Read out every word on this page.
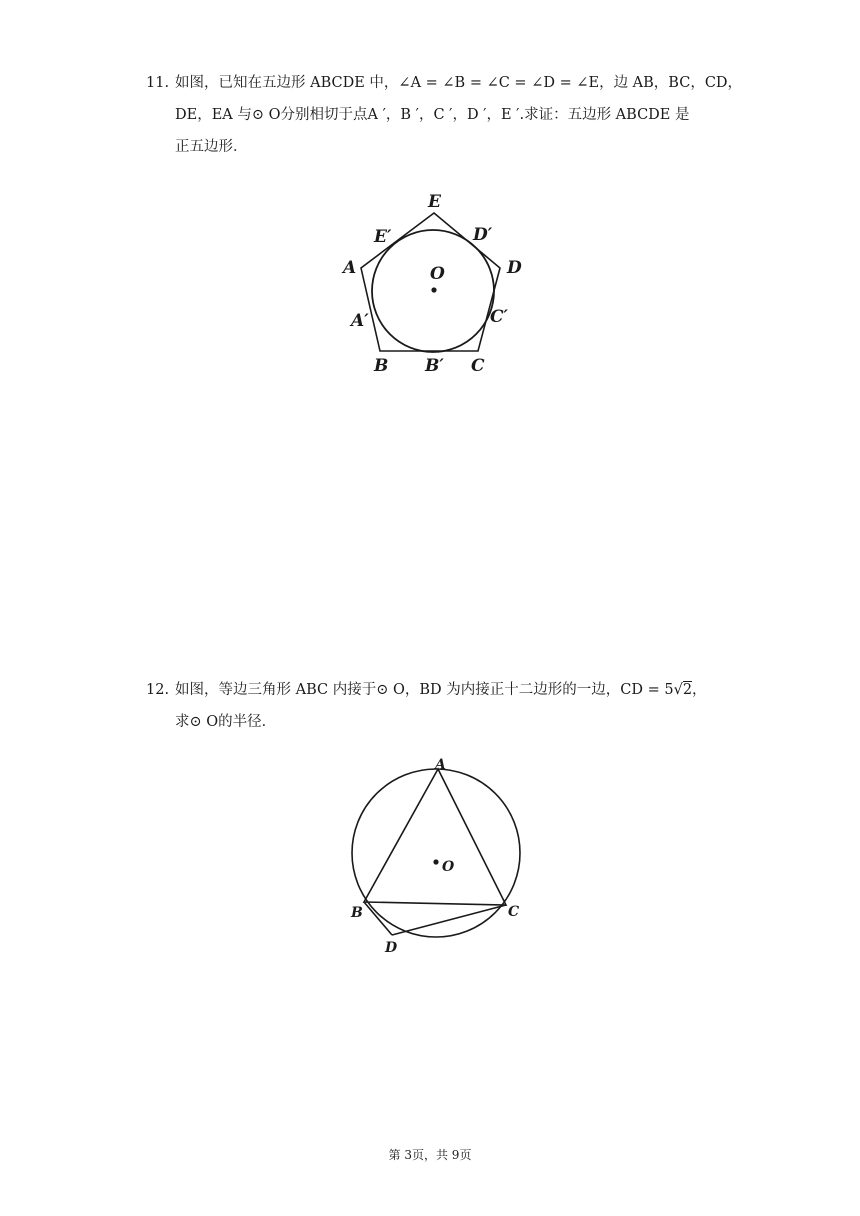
11. 如图，已知在五边形 ABCDE 中，∠A = ∠B = ∠C = ∠D = ∠E，边 AB，BC，CD，
DE，EA 与⊙ O分别相切于点A ′，B ′，C ′，D ′，E ′.求证：五边形 ABCDE 是
正五边形．
E
E′	D′
A	O	D
A′	C′
B B′ C
12. 如图，等边三角形 ABC 内接于⊙ O，BD 为内接正十二边形的一边，CD = 5√2，
求⊙ O的半径．
A
O
B	C
D
第 3页，共 9页
